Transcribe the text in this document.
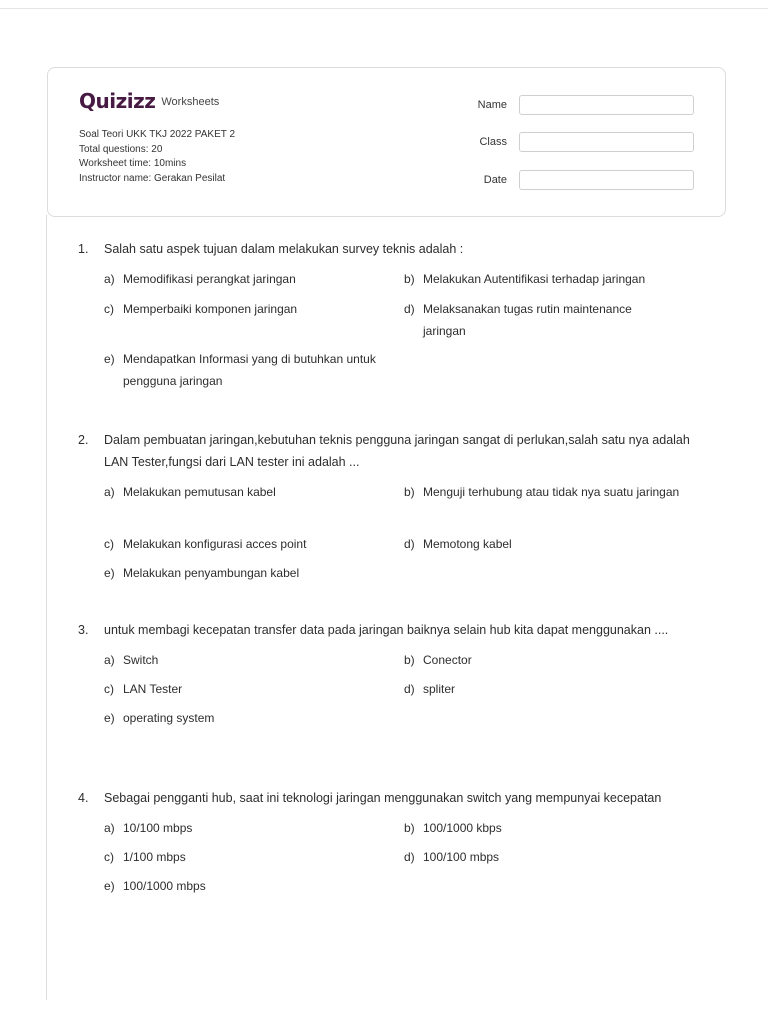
Quizizz Worksheets
Soal Teori UKK TKJ 2022 PAKET 2
Total questions: 20
Worksheet time: 10mins
Instructor name: Gerakan Pesilat
Name
Class
Date
1.	Salah satu aspek tujuan dalam melakukan survey teknis adalah :
a) Memodifikasi perangkat jaringan	b) Melakukan Autentifikasi terhadap jaringan
c) Memperbaiki komponen jaringan	d) Melaksanakan tugas rutin maintenance jaringan
e) Mendapatkan Informasi yang di butuhkan untuk pengguna jaringan
2.	Dalam pembuatan jaringan,kebutuhan teknis pengguna jaringan sangat di perlukan,salah satu nya adalah LAN Tester,fungsi dari LAN tester ini adalah ...
a) Melakukan pemutusan kabel	b) Menguji terhubung atau tidak nya suatu jaringan
c) Melakukan konfigurasi acces point	d) Memotong kabel
e) Melakukan penyambungan kabel
3.	untuk membagi kecepatan transfer data pada jaringan baiknya selain hub kita dapat menggunakan ....
a) Switch	b) Conector
c) LAN Tester	d) spliter
e) operating system
4.	Sebagai pengganti hub, saat ini teknologi jaringan menggunakan switch yang mempunyai kecepatan
a) 10/100 mbps	b) 100/1000 kbps
c) 1/100 mbps	d) 100/100 mbps
e) 100/1000 mbps
